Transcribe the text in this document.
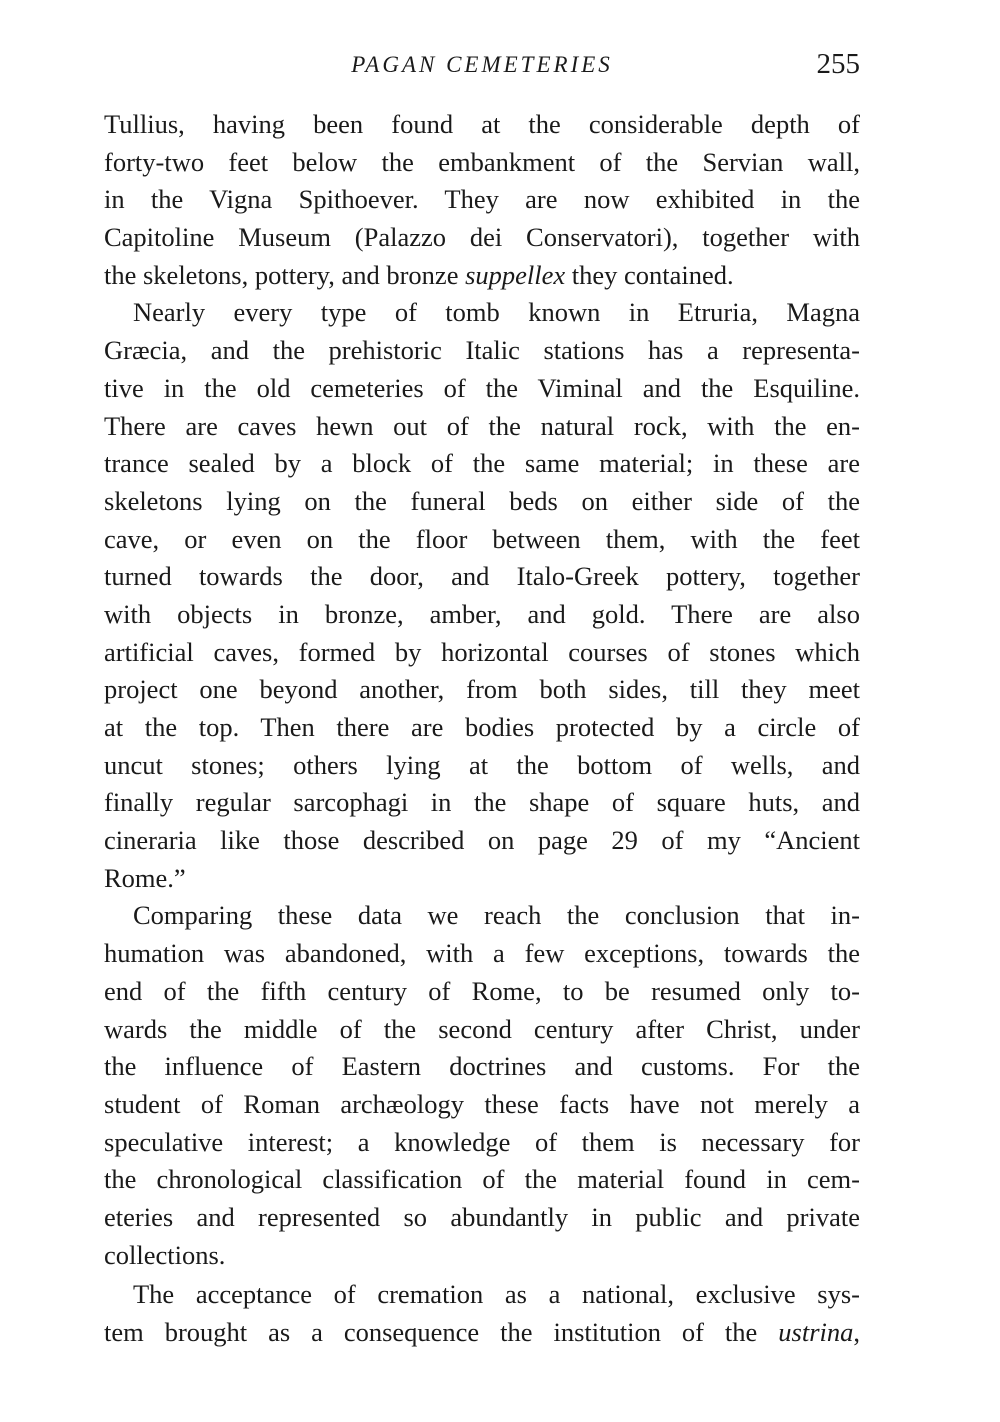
PAGAN CEMETERIES	255
Tullius, having been found at the considerable depth of
forty-two feet below the embankment of the Servian wall,
in the Vigna Spithoever. They are now exhibited in the
Capitoline Museum (Palazzo dei Conservatori), together with
the skeletons, pottery, and bronze suppellex they contained.
Nearly every type of tomb known in Etruria, Magna
Græcia, and the prehistoric Italic stations has a representa-
tive in the old cemeteries of the Viminal and the Esquiline.
There are caves hewn out of the natural rock, with the en-
trance sealed by a block of the same material; in these are
skeletons lying on the funeral beds on either side of the
cave, or even on the floor between them, with the feet
turned towards the door, and Italo-Greek pottery, together
with objects in bronze, amber, and gold. There are also
artificial caves, formed by horizontal courses of stones which
project one beyond another, from both sides, till they meet
at the top. Then there are bodies protected by a circle of
uncut stones; others lying at the bottom of wells, and
finally regular sarcophagi in the shape of square huts, and
cineraria like those described on page 29 of my “Ancient
Rome.”
Comparing these data we reach the conclusion that in-
humation was abandoned, with a few exceptions, towards the
end of the fifth century of Rome, to be resumed only to-
wards the middle of the second century after Christ, under
the influence of Eastern doctrines and customs. For the
student of Roman archæology these facts have not merely a
speculative interest; a knowledge of them is necessary for
the chronological classification of the material found in cem-
eteries and represented so abundantly in public and private
collections.
The acceptance of cremation as a national, exclusive sys-
tem brought as a consequence the institution of the ustrina,
